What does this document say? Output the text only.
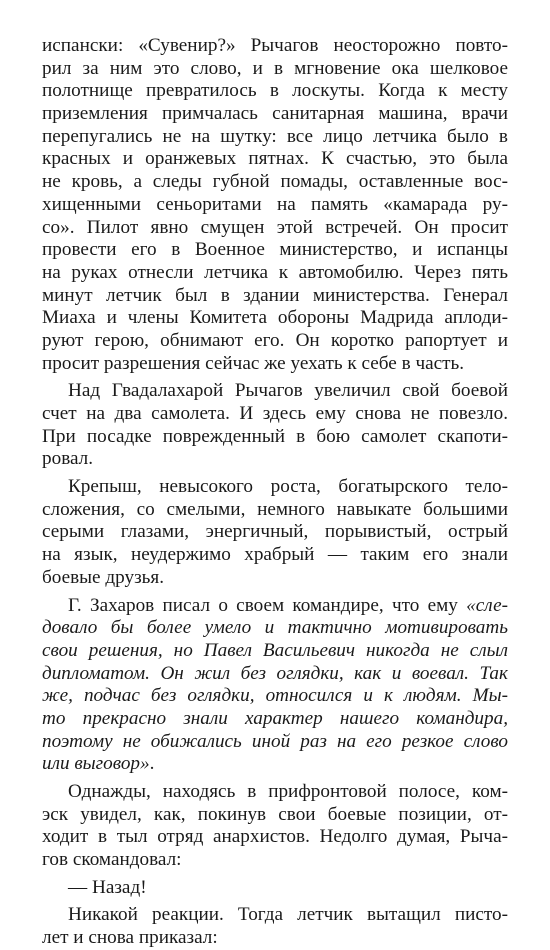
испански: «Сувенир?» Рычагов неосторожно повто-
рил за ним это слово, и в мгновение ока шелковое
полотнище превратилось в лоскуты. Когда к месту
приземления примчалась санитарная машина, врачи
перепугались не на шутку: все лицо летчика было в
красных и оранжевых пятнах. К счастью, это была
не кровь, а следы губной помады, оставленные вос-
хищенными сеньоритами на память «камарада ру-
со». Пилот явно смущен этой встречей. Он просит
провести его в Военное министерство, и испанцы
на руках отнесли летчика к автомобилю. Через пять
минут летчик был в здании министерства. Генерал
Миаха и члены Комитета обороны Мадрида аплоди-
руют герою, обнимают его. Он коротко рапортует и
просит разрешения сейчас же уехать к себе в часть.
Над Гвадалахарой Рычагов увеличил свой боевой
счет на два самолета. И здесь ему снова не повезло.
При посадке поврежденный в бою самолет скапоти-
ровал.
Крепыш, невысокого роста, богатырского тело-
сложения, со смелыми, немного навыкате большими
серыми глазами, энергичный, порывистый, острый
на язык, неудержимо храбрый — таким его знали
боевые друзья.
Г. Захаров писал о своем командире, что ему «сле-
довало бы более умело и тактично мотивировать
свои решения, но Павел Васильевич никогда не слыл
дипломатом. Он жил без оглядки, как и воевал. Так
же, подчас без оглядки, относился и к людям. Мы-
то прекрасно знали характер нашего командира,
поэтому не обижались иной раз на его резкое слово
или выговор».
Однажды, находясь в прифронтовой полосе, ком-
эск увидел, как, покинув свои боевые позиции, от-
ходит в тыл отряд анархистов. Недолго думая, Рыча-
гов скомандовал:
— Назад!
Никакой реакции. Тогда летчик вытащил писто-
лет и снова приказал:
